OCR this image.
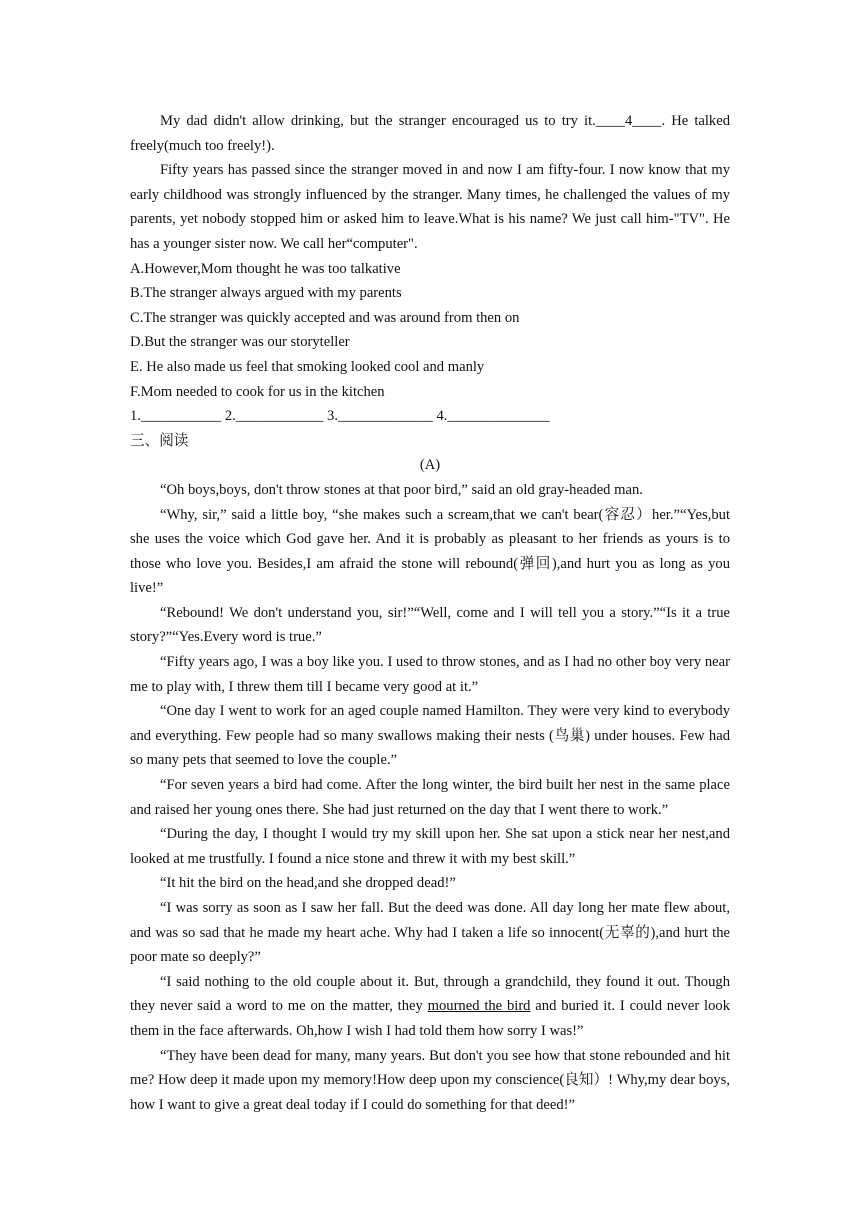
My dad didn't allow drinking, but the stranger encouraged us to try it.____4____. He talked freely(much too freely!).

Fifty years has passed since the stranger moved in and now I am fifty-four. I now know that my early childhood was strongly influenced by the stranger. Many times, he challenged the values of my parents, yet nobody stopped him or asked him to leave.What is his name? We just call him-"TV". He has a younger sister now. We call her“computer".

A.However,Mom thought he was too talkative

B.The stranger always argued with my parents

C.The stranger was quickly accepted and was around from then on

D.But the stranger was our storyteller

E. He also made us feel that smoking looked cool and manly

F.Mom needed to cook for us in the kitchen

1.___________ 2.____________ 3._____________ 4.______________

三、阅读

(A)

“Oh boys,boys, don't throw stones at that poor bird,” said an old gray-headed man.

“Why, sir,” said a little boy, “she makes such a scream,that we can't bear(容忍）her.”“Yes,but she uses the voice which God gave her. And it is probably as pleasant to her friends as yours is to those who love you. Besides,I am afraid the stone will rebound(弹回),and hurt you as long as you live!”

“Rebound! We don't understand you, sir!”“Well, come and I will tell you a story.”“Is it a true story?”“Yes.Every word is true.”

“Fifty years ago, I was a boy like you. I used to throw stones, and as I had no other boy very near me to play with, I threw them till I became very good at it.”

“One day I went to work for an aged couple named Hamilton. They were very kind to everybody and everything. Few people had so many swallows making their nests (鸟巢) under houses. Few had so many pets that seemed to love the couple.”

“For seven years a bird had come. After the long winter, the bird built her nest in the same place and raised her young ones there. She had just returned on the day that I went there to work.”

“During the day, I thought I would try my skill upon her. She sat upon a stick near her nest,and looked at me trustfully. I found a nice stone and threw it with my best skill.”

“It hit the bird on the head,and she dropped dead!”

“I was sorry as soon as I saw her fall. But the deed was done. All day long her mate flew about, and was so sad that he made my heart ache. Why had I taken a life so innocent(无辜的),and hurt the poor mate so deeply?”

“I said nothing to the old couple about it. But, through a grandchild, they found it out. Though they never said a word to me on the matter, they mourned the bird and buried it. I could never look them in the face afterwards. Oh,how I wish I had told them how sorry I was!”

“They have been dead for many, many years. But don't you see how that stone rebounded and hit me? How deep it made upon my memory!How deep upon my conscience(良知）! Why,my dear boys, how I want to give a great deal today if I could do something for that deed!”
